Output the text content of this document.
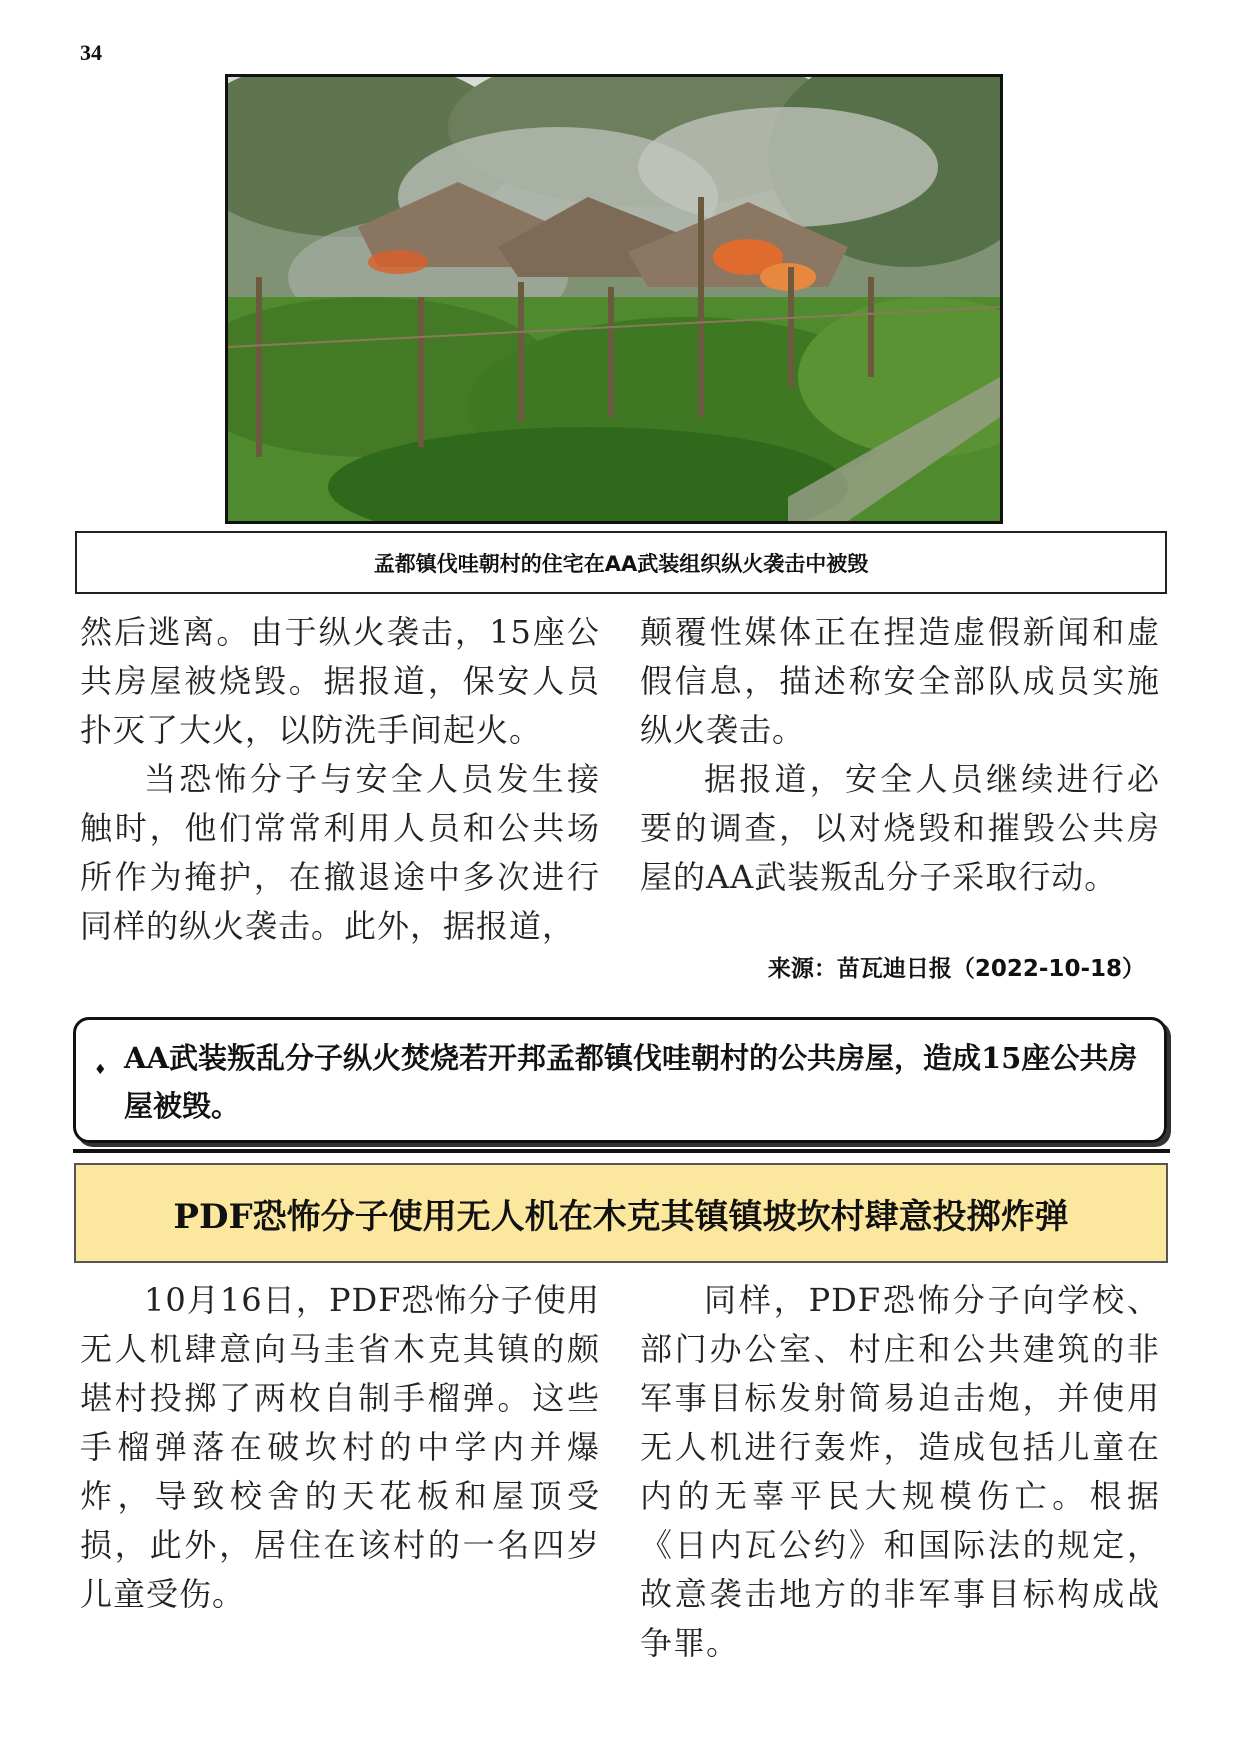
34
孟都镇伐哇朝村的住宅在AA武装组织纵火袭击中被毁

然后逃离。由于纵火袭击，15座公共房屋被烧毁。据报道，保安人员扑灭了大火，以防洗手间起火。

当恐怖分子与安全人员发生接触时，他们常常利用人员和公共场所作为掩护，在撤退途中多次进行同样的纵火袭击。此外，据报道，

颠覆性媒体正在捏造虚假新闻和虚假信息，描述称安全部队成员实施纵火袭击。

据报道，安全人员继续进行必要的调查，以对烧毁和摧毁公共房屋的AA武装叛乱分子采取行动。

来源：苗瓦迪日报（2022-10-18）
♦ AA武装叛乱分子纵火焚烧若开邦孟都镇伐哇朝村的公共房屋，造成15座公共房屋被毁。
PDF恐怖分子使用无人机在木克其镇镇坡坎村肆意投掷炸弹

10月16日，PDF恐怖分子使用无人机肆意向马圭省木克其镇的颇堪村投掷了两枚自制手榴弹。这些手榴弹落在破坎村的中学内并爆炸，导致校舍的天花板和屋顶受损，此外，居住在该村的一名四岁儿童受伤。

同样，PDF恐怖分子向学校、部门办公室、村庄和公共建筑的非军事目标发射简易迫击炮，并使用无人机进行轰炸，造成包括儿童在内的无辜平民大规模伤亡。根据《日内瓦公约》和国际法的规定，故意袭击地方的非军事目标构成战争罪。
